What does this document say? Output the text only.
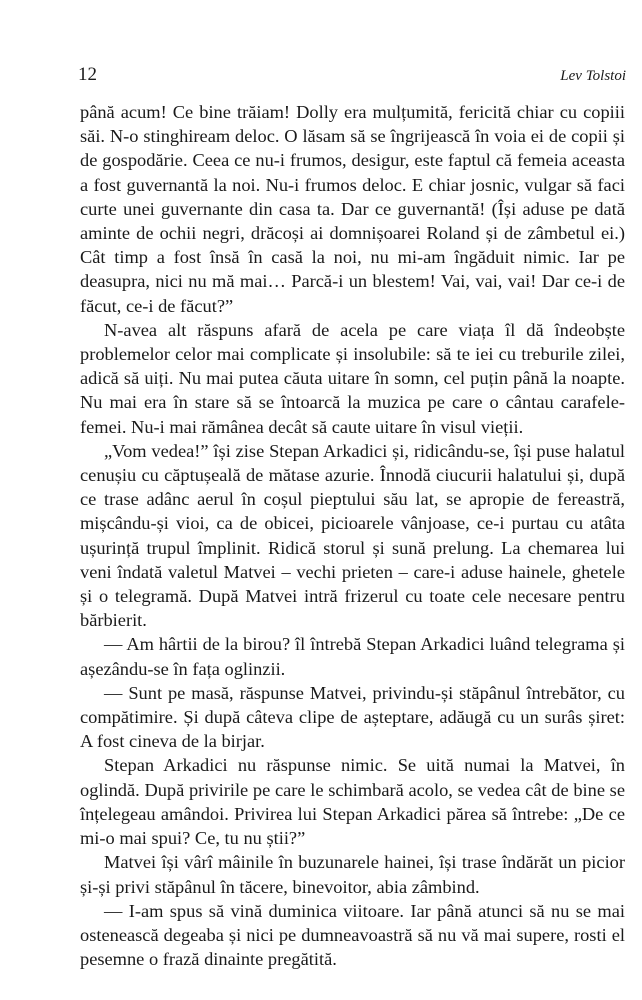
12	Lev Tolstoi

până acum! Ce bine trăiam! Dolly era mulțumită, fericită chiar cu copiii săi. N-o stinghiream deloc. O lăsam să se îngrijească în voia ei de copii și de gospodărie. Ceea ce nu-i frumos, desigur, este faptul că femeia aceasta a fost guvernantă la noi. Nu-i frumos deloc. E chiar josnic, vulgar să faci curte unei guvernante din casa ta. Dar ce guvernantă! (Își aduse pe dată aminte de ochii negri, drăcoși ai domnișoarei Roland și de zâmbetul ei.) Cât timp a fost însă în casă la noi, nu mi-am îngăduit nimic. Iar pe deasupra, nici nu mă mai… Parcă-i un blestem! Vai, vai, vai! Dar ce-i de făcut, ce-i de făcut?”

N-avea alt răspuns afară de acela pe care viața îl dă îndeobște problemelor celor mai complicate și insolubile: să te iei cu treburile zilei, adică să uiți. Nu mai putea căuta uitare în somn, cel puțin până la noapte. Nu mai era în stare să se întoarcă la muzica pe care o cântau carafele-femei. Nu-i mai rămânea decât să caute uitare în visul vieții.

„Vom vedea!” își zise Stepan Arkadici și, ridicându-se, își puse halatul cenușiu cu căptușeală de mătase azurie. Înnodă ciucurii halatului și, după ce trase adânc aerul în coșul pieptului său lat, se apropie de fereastră, mișcându-și vioi, ca de obicei, picioarele vânjoase, ce-i purtau cu atâta ușurință trupul împlinit. Ridică storul și sună prelung. La chemarea lui veni îndată valetul Matvei – vechi prieten – care-i aduse hainele, ghetele și o telegramă. După Matvei intră frizerul cu toate cele necesare pentru bărbierit.

— Am hârtii de la birou? îl întrebă Stepan Arkadici luând telegrama și așezându-se în fața oglinzii.

— Sunt pe masă, răspunse Matvei, privindu-și stăpânul întrebător, cu compătimire. Și după câteva clipe de așteptare, adăugă cu un surâs șiret: A fost cineva de la birjar.

Stepan Arkadici nu răspunse nimic. Se uită numai la Matvei, în oglindă. După privirile pe care le schimbară acolo, se vedea cât de bine se înțelegeau amândoi. Privirea lui Stepan Arkadici părea să întrebe: „De ce mi-o mai spui? Ce, tu nu știi?”

Matvei își vârî mâinile în buzunarele hainei, își trase îndărăt un picior și-și privi stăpânul în tăcere, binevoitor, abia zâmbind.

— I-am spus să vină duminica viitoare. Iar până atunci să nu se mai ostenească degeaba și nici pe dumneavoastră să nu vă mai supere, rosti el pesemne o frază dinainte pregătită.
